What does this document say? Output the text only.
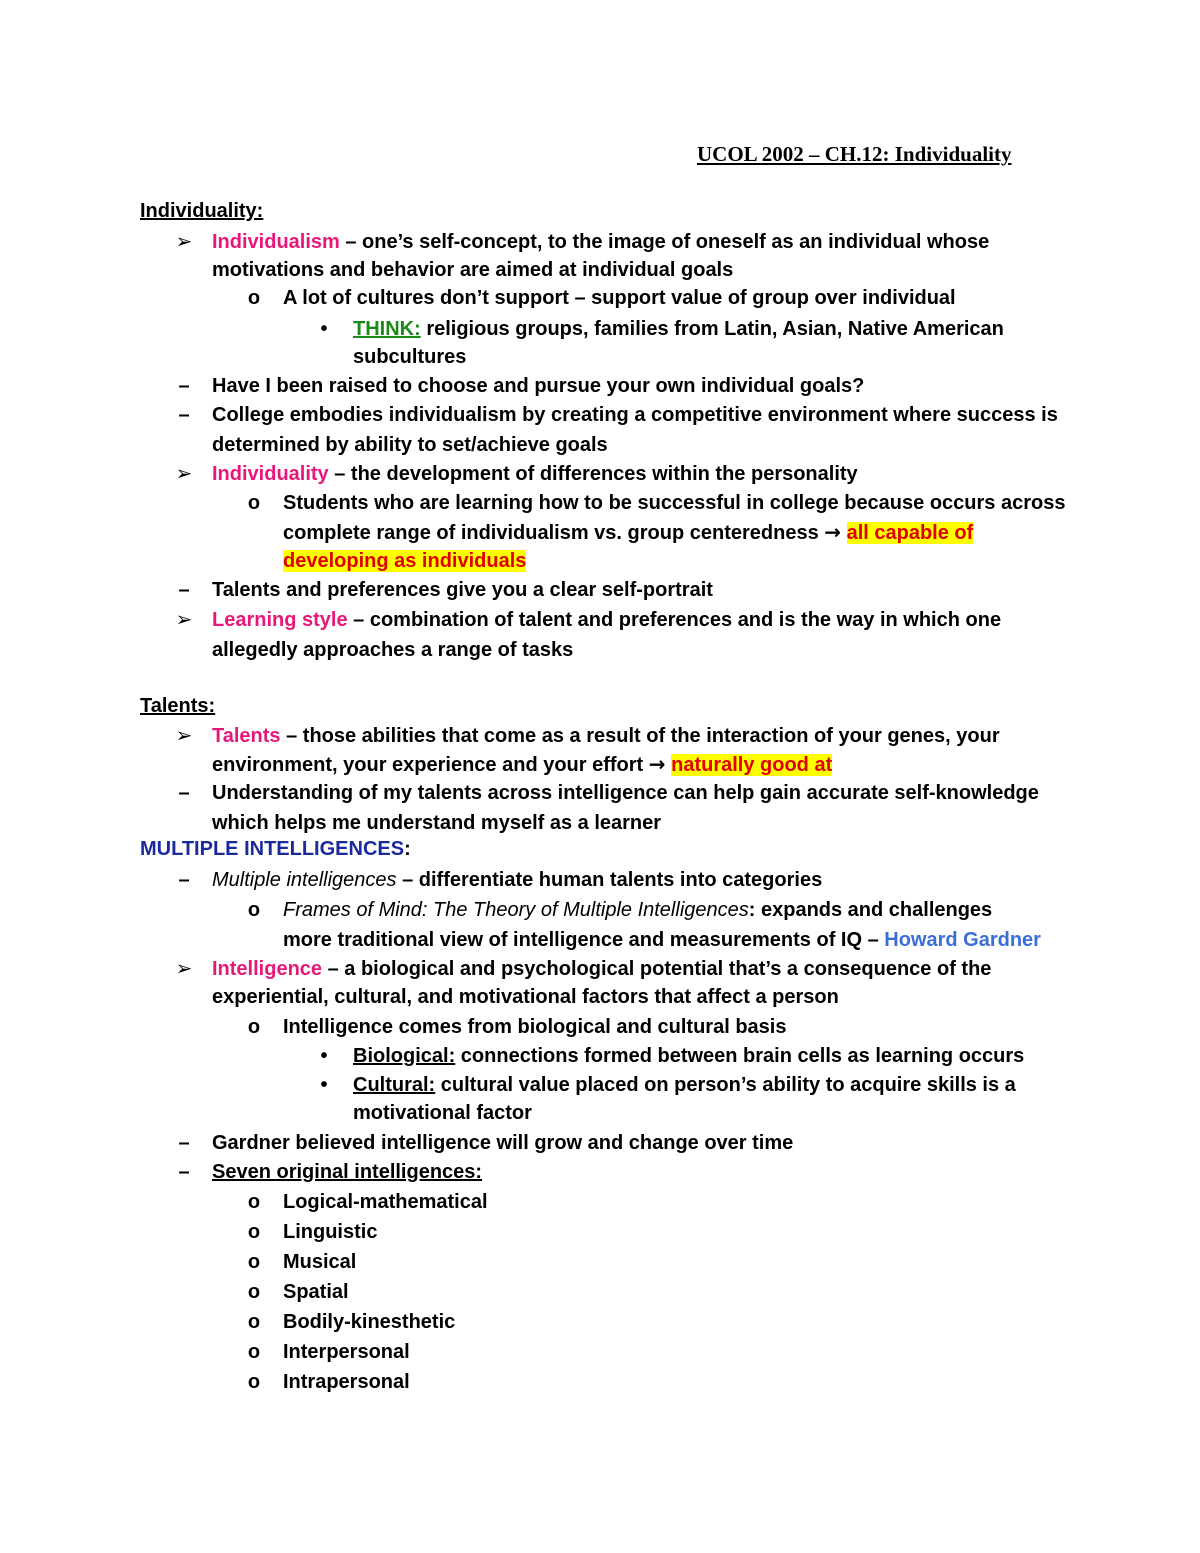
UCOL 2002 – CH.12: Individuality
Individuality:
➢ Individualism – one’s self-concept, to the image of oneself as an individual whose
motivations and behavior are aimed at individual goals
o A lot of cultures don’t support – support value of group over individual
•	THINK: religious groups, families from Latin, Asian, Native American
subcultures
–	Have I been raised to choose and pursue your own individual goals?
–	College embodies individualism by creating a competitive environment where success is
determined by ability to set/achieve goals
➢ Individuality – the development of differences within the personality
o Students who are learning how to be successful in college because occurs across
complete range of individualism vs. group centeredness → all capable of
developing as individuals
–	Talents and preferences give you a clear self-portrait
➢ Learning style – combination of talent and preferences and is the way in which one
allegedly approaches a range of tasks
Talents:
➢ Talents – those abilities that come as a result of the interaction of your genes, your
environment, your experience and your effort → naturally good at
–	Understanding of my talents across intelligence can help gain accurate self-knowledge
which helps me understand myself as a learner
MULTIPLE INTELLIGENCES:
–	Multiple intelligences – differentiate human talents into categories
o Frames of Mind: The Theory of Multiple Intelligences: expands and challenges
more traditional view of intelligence and measurements of IQ – Howard Gardner
➢ Intelligence – a biological and psychological potential that’s a consequence of the
experiential, cultural, and motivational factors that affect a person
o Intelligence comes from biological and cultural basis
•	Biological: connections formed between brain cells as learning occurs
•	Cultural: cultural value placed on person’s ability to acquire skills is a
motivational factor
–	Gardner believed intelligence will grow and change over time
–	Seven original intelligences:
o Logical-mathematical
o Linguistic
o Musical
o Spatial
o Bodily-kinesthetic
o Interpersonal
o Intrapersonal
